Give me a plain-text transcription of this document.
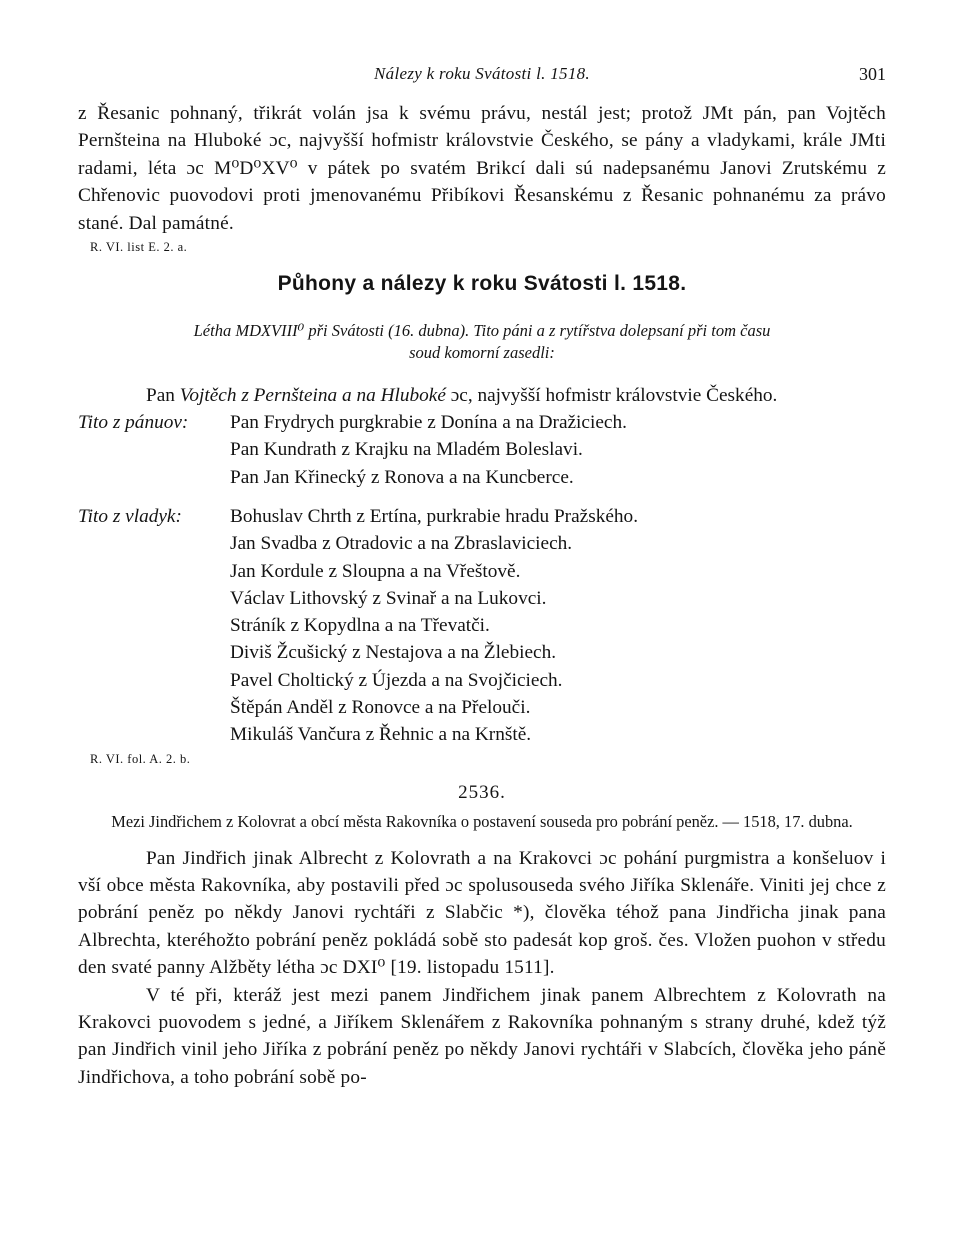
Nálezy k roku Svátosti l. 1518.	301

z Řesanic pohnaný, třikrát volán jsa k svému právu, nestál jest; protož JMt pán, pan Vojtěch Pernšteina na Hluboké ɔc, najvyšší hofmistr královstvie Českého, se pány a vladykami, krále JMti radami, léta ɔc M⁰D⁰XV⁰ v pátek po svatém Brikcí dali sú nadepsanému Janovi Zrutskému z Chřenovic puovodovi proti jmenovanému Přibíkovi Řesanskému z Řesanic pohnanému za právo stané. Dal památné.

R. VI. list E. 2. a.
Půhony a nálezy k roku Svátosti l. 1518.

Létha MDXVIII⁰ při Svátosti (16. dubna). Tito páni a z rytířstva dolepsaní při tom času

soud komorní zasedli:

Pan Vojtěch z Pernšteina a na Hluboké ɔc, najvyšší hofmistr královstvie Českého.
Tito z pánuov:	Pan Frydrych purgkrabie z Donína a na Dražiciech.
Pan Kundrath z Krajku na Mladém Boleslavi.
Pan Jan Křinecký z Ronova a na Kuncberce.
Tito z vladyk:	Bohuslav Chrth z Ertína, purkrabie hradu Pražského.
Jan Svadba z Otradovic a na Zbraslaviciech.
Jan Kordule z Sloupna a na Vřeštově.
Václav Lithovský z Svinař a na Lukovci.
Stráník z Kopydlna a na Třevatči.
Diviš Žcušický z Nestajova a na Žlebiech.
Pavel Choltický z Újezda a na Svojčiciech.
Štěpán Anděl z Ronovce a na Přelouči.
Mikuláš Vančura z Řehnic a na Krnště.
R. VI. fol. A. 2. b.
2536.
Mezi Jindřichem z Kolovrat a obcí města Rakovníka o postavení souseda pro pobrání peněz. — 1518, 17. dubna.

Pan Jindřich jinak Albrecht z Kolovrath a na Krakovci ɔc pohání purgmistra a konšeluov i vší obce města Rakovníka, aby postavili před ɔc spolusouseda svého Jiříka Sklenáře. Viniti jej chce z pobrání peněz po někdy Janovi rychtáři z Slabčic *), člověka téhož pana Jindřicha jinak pana Albrechta, kteréhožto pobrání peněz pokládá sobě sto padesát kop groš. čes. Vložen puohon v středu den svaté panny Alžběty létha ɔc DXI⁰ [19. listopadu 1511].

V té při, kteráž jest mezi panem Jindřichem jinak panem Albrechtem z Kolovrath na Krakovci puovodem s jedné, a Jiříkem Sklenářem z Rakovníka pohnaným s strany druhé, kdež týž pan Jindřich vinil jeho Jiříka z pobrání peněz po někdy Janovi rychtáři v Slabcích, člověka jeho páně Jindřichova, a toho pobrání sobě po-
